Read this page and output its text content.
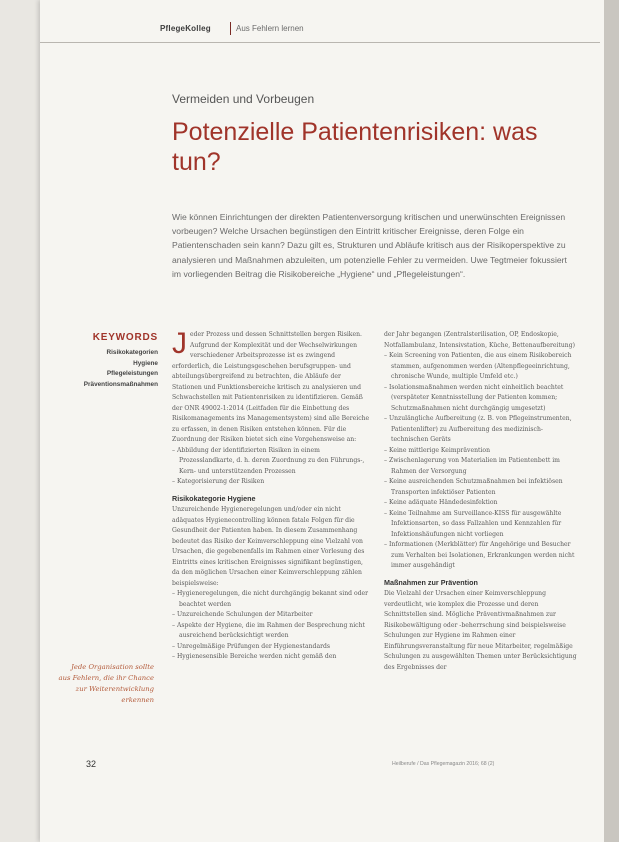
PflegeKolleg	Aus Fehlern lernen
Vermeiden und Vorbeugen
Potenzielle Patientenrisiken: was tun?
Wie können Einrichtungen der direkten Patientenversorgung kritischen und unerwünschten Ereignissen vorbeugen? Welche Ursachen begünstigen den Eintritt kritischer Ereignisse, deren Folge ein Patientenschaden sein kann? Dazu gilt es, Strukturen und Abläufe kritisch aus der Risikoperspektive zu analysieren und Maßnahmen abzuleiten, um potenzielle Fehler zu vermeiden. Uwe Tegtmeier fokussiert im vorliegenden Beitrag die Risikobereiche „Hygiene“ und „Pflegeleistungen“.
KEYWORDS
Risikokategorien
Hygiene
Pflegeleistungen
Präventionsmaßnahmen
Jede Organisation sollte aus Fehlern, die ihr Chance zur Weiterentwicklung erkennen

Jeder Prozess und dessen Schnittstellen bergen Risiken. Aufgrund der Komplexität und der Wechselwirkungen verschiedener Arbeitsprozesse ist es zwingend erforderlich, die Leistungsgeschehen berufsgruppen- und abteilungsübergreifend zu betrachten, die Abläufe der Stationen und Funktionsbereiche kritisch zu analysieren und Schwachstellen mit Patientenrisiken zu identifizieren. Gemäß der ONR 49002-1:2014 (Leitfaden für die Einbettung des Risikomanagements ins Managementsystem) sind alle Bereiche zu erfassen, in denen Risiken entstehen können. Für die Zuordnung der Risiken bietet sich eine Vorgehensweise an:

– Abbildung der identifizierten Risiken in einem Prozesslandkarte, d. h. deren Zuordnung zu den Führungs-, Kern- und unterstützenden Prozessen

– Kategorisierung der Risiken

Risikokategorie Hygiene

Unzureichende Hygieneregelungen und/oder ein nicht adäquates Hygienecontrolling können fatale Folgen für die Gesundheit der Patienten haben. In diesem Zusammenhang bedeutet das Risiko der Keimverschleppung eine Vielzahl von Ursachen, die gegebenenfalls im Rahmen einer Vorlesung des Eintritts eines kritischen Ereignisses signifikant begünstigen, da den möglichen Ursachen einer Keimverschleppung zählen beispielsweise:

– Hygieneregelungen, die nicht durchgängig bekannt sind oder beachtet werden

– Unzureichende Schulungen der Mitarbeiter

– Aspekte der Hygiene, die im Rahmen der Besprechung nicht ausreichend berücksichtigt werden

– Unregelmäßige Prüfungen der Hygienestandards

– Hygienesensible Bereiche werden nicht gemäß den

der Jahr begangen (Zentralsterilisation, OP, Endoskopie, Notfallambulanz, Intensivstation, Küche, Bettenaufbereitung)

– Kein Screening von Patienten, die aus einem Risikobereich stammen, aufgenommen werden (Altenpflegeeinrichtung, chronische Wunde, multiple Umfeld etc.)

– Isolationsmaßnahmen werden nicht einheitlich beachtet (verspäteter Kenntnisstellung der Patienten kommen; Schutzmaßnahmen nicht durchgängig umgesetzt)

– Unzulängliche Aufbereitung (z. B. von Pflegeinstrumenten, Patientenlifter) zu Aufbereitung des medizinisch-technischen Geräts

– Keine mittlerige Keimprävention

– Zwischenlagerung von Materialien im Patientenbett im Rahmen der Versorgung

– Keine ausreichenden Schutzmaßnahmen bei infektiösen Transporten infektiöser Patienten

– Keine adäquate Händedesinfektion

– Keine Teilnahme am Surveillance-KISS für ausgewählte Infektionsarten, so dass Fallzahlen und Kennzahlen für Infektionshäufungen nicht vorliegen

– Informationen (Merkblätter) für Angehörige und Besucher zum Verhalten bei Isolationen, Erkrankungen werden nicht immer ausgehändigt

Maßnahmen zur Prävention

Die Vielzahl der Ursachen einer Keimverschleppung verdeutlicht, wie komplex die Prozesse und deren Schnittstellen sind. Mögliche Präventivmaßnahmen zur Risikobewältigung oder -beherrschung sind beispielsweise Schulungen zur Hygiene im Rahmen einer Einführungsveranstaltung für neue Mitarbeiter, regelmäßige Schulungen zu ausgewählten Themen unter Berücksichtigung des Ergebnisses der

32	Heilberufe / Das Pflegemagazin 2016; 68 (2)
